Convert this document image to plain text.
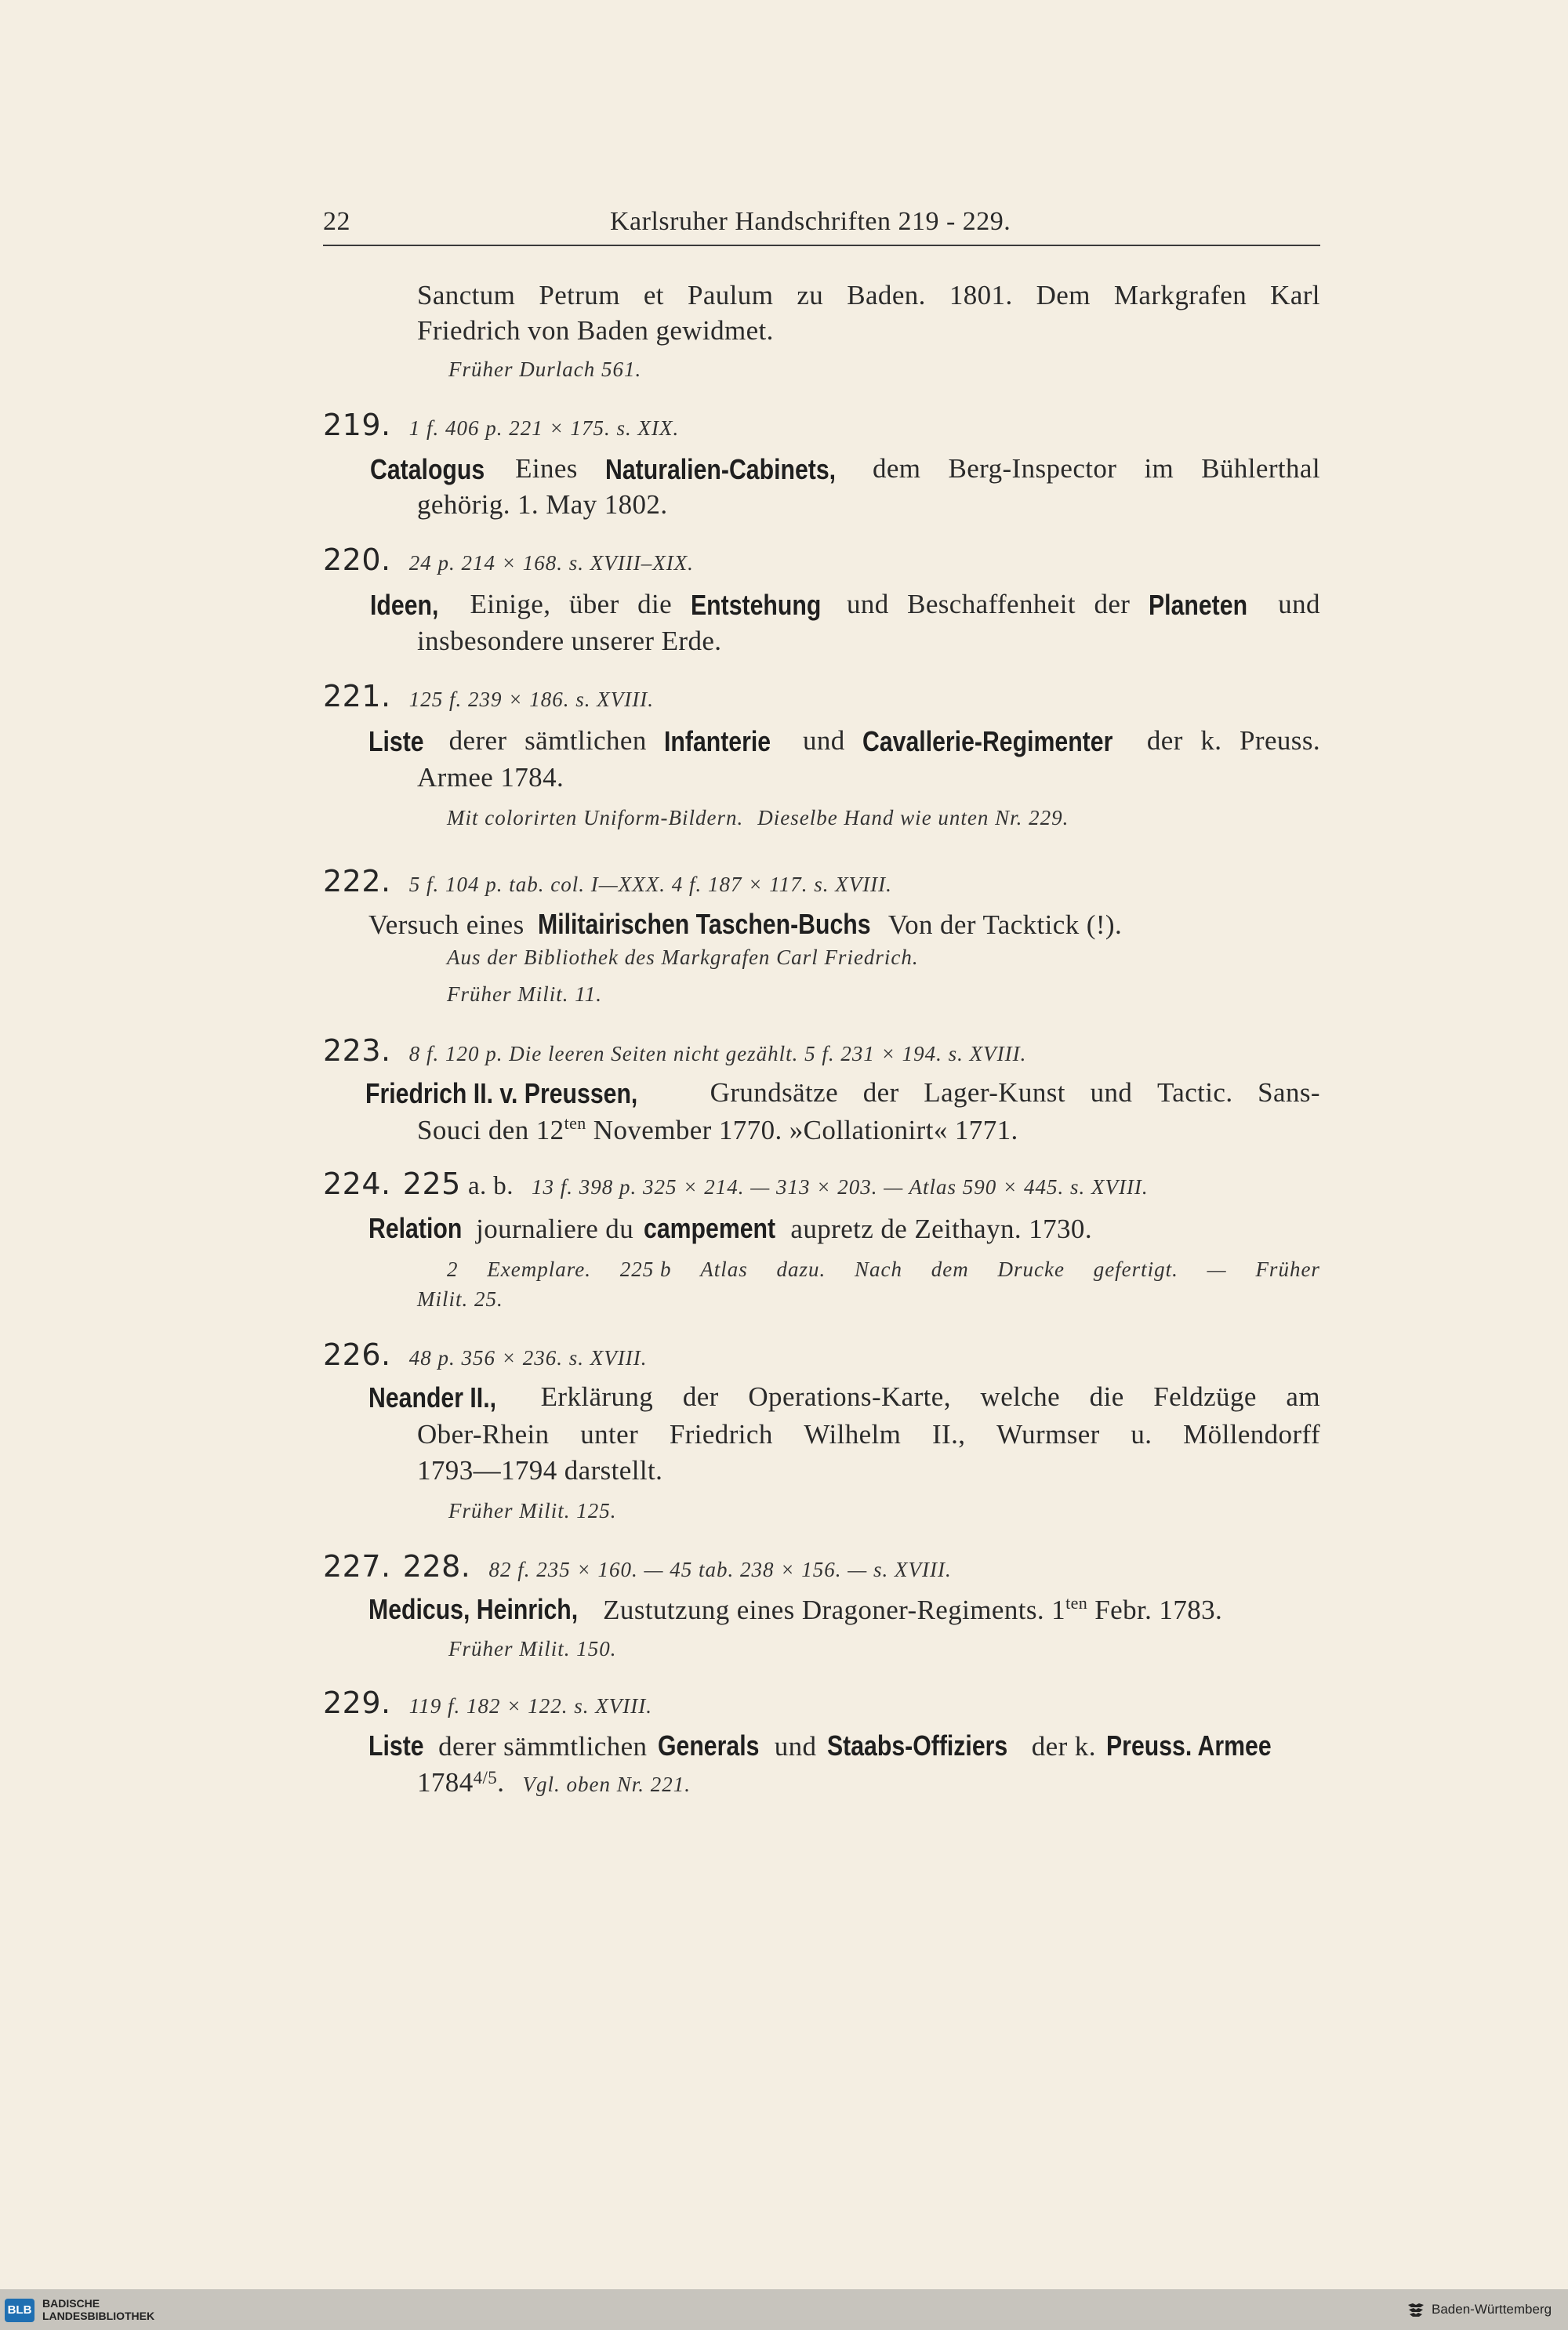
22	Karlsruher Handschriften 219 - 229.
Sanctum Petrum et Paulum zu Baden. 1801. Dem Markgrafen Karl
Friedrich von Baden gewidmet.
Früher Durlach 561.
219. 1 f. 406 p. 221 × 175. s. XIX.
Catalogus Eines Naturalien-Cabinets,	dem Berg-Inspector im Bühlerthal
gehörig. 1. May 1802.
220. 24 p. 214 × 168. s. XVIII–XIX.
Ideen,	Einige, über die Entstehung und Beschaffenheit der Planeten	und
insbesondere unserer Erde.
221. 125 f. 239 × 186. s. XVIII.
Liste derer sämtlichen Infanterie	und Cavallerie-Regimenter	der k. Preuss.
Armee 1784.
Mit colorirten Uniform-Bildern. Dieselbe Hand wie unten Nr. 229.
222. 5 f. 104 p. tab. col. I—XXX. 4 f. 187 × 117. s. XVIII.
Versuch eines Militairischen Taschen-Buchs Von der Tacktick (!).
Aus der Bibliothek des Markgrafen Carl Friedrich.
Früher Milit. 11.
223. 8 f. 120 p. Die leeren Seiten nicht gezählt. 5 f. 231 × 194. s. XVIII.
Friedrich II. v. Preussen,	Grundsätze der Lager-Kunst und Tactic. Sans-
Souci den $12^{ten}$ November 1770. »Collationirt« 1771.
224. 225 a. b. 13 f. 398 p. 325 × 214. — 313 × 203. — Atlas 590 × 445. s. XVIII.
Relation journaliere du campement aupretz de Zeithayn. 1730.
2 Exemplare. 225 b Atlas dazu. Nach dem Drucke gefertigt. — Früher
Milit. 25.
226. 48 p. 356 × 236. s. XVIII.
Neander II.,	Erklärung der Operations-Karte, welche die Feldzüge am
Ober-Rhein unter Friedrich Wilhelm II., Wurmser u. Möllendorff
1793—1794 darstellt.
Früher Milit. 125.
227. 228. 82 f. 235 × 160. — 45 tab. 238 × 156. — s. XVIII.
Medicus, Heinrich, Zustutzung eines Dragoner-Regiments. $1^{ten}$ Febr. 1783.
Früher Milit. 150.
229. 119 f. 182 × 122. s. XVIII.
Liste derer sämmtlichen Generals und Staabs-Offiziers der k. Preuss. Armee
$1784^{4/5}$. Vgl. oben Nr. 221.
BLB BADISCHE
LANDESBIBLIOTHEK	Baden-Württemberg
